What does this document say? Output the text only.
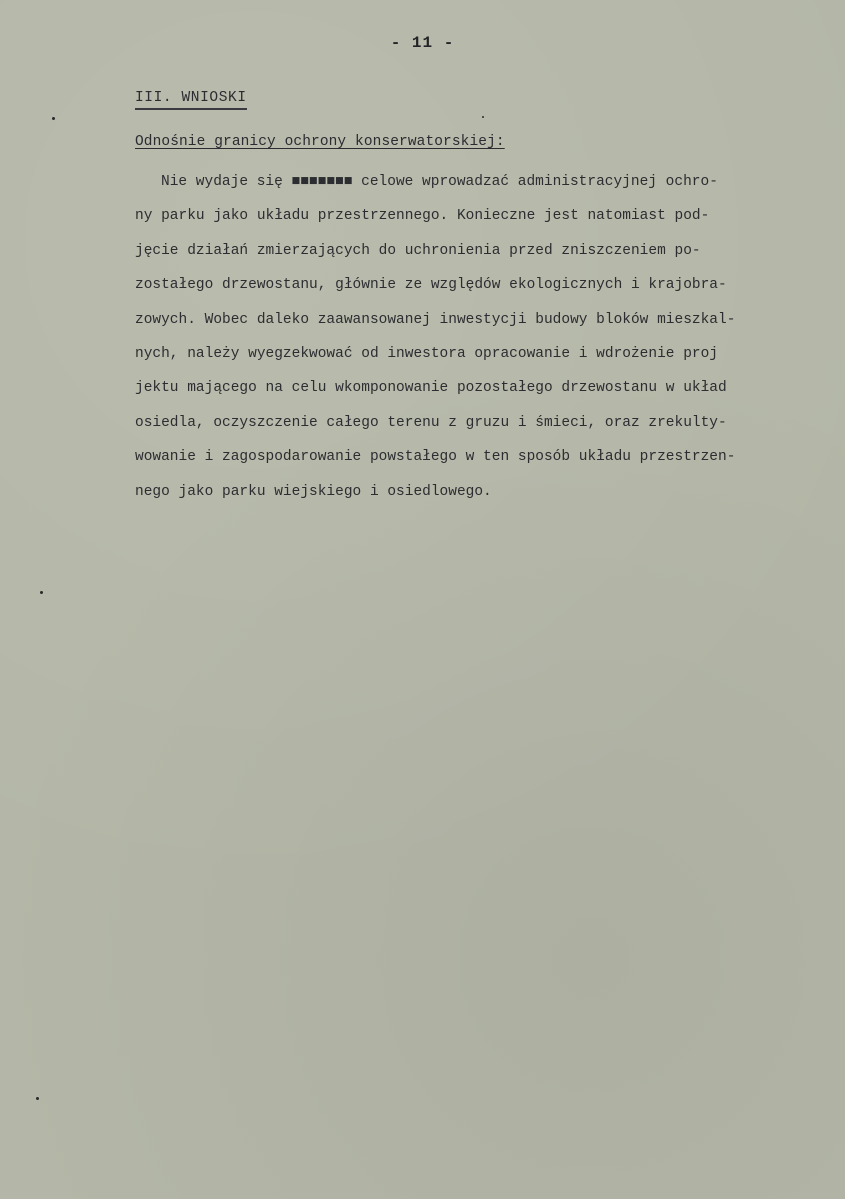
- 11 -
III. WNIOSKI
Odnośnie granicy ochrony konserwatorskiej:
Nie wydaje się ■■■■■■■ celowe wprowadzać administracyjnej ochro-
ny parku jako układu przestrzennego. Konieczne jest natomiast pod-
jęcie działań zmierzających do uchronienia przed zniszczeniem po-
zostałego drzewostanu, głównie ze względów ekologicznych i krajobra-
zowych. Wobec daleko zaawansowanej inwestycji budowy bloków mieszkal-
nych, należy wyegzekwować od inwestora opracowanie i wdrożenie proj
jektu mającego na celu wkomponowanie pozostałego drzewostanu w układ
osiedla, oczyszczenie całego terenu z gruzu i śmieci, oraz zrekulty-
wowanie i zagospodarowanie powstałego w ten sposób układu przestrzen-
nego jako parku wiejskiego i osiedlowego.
